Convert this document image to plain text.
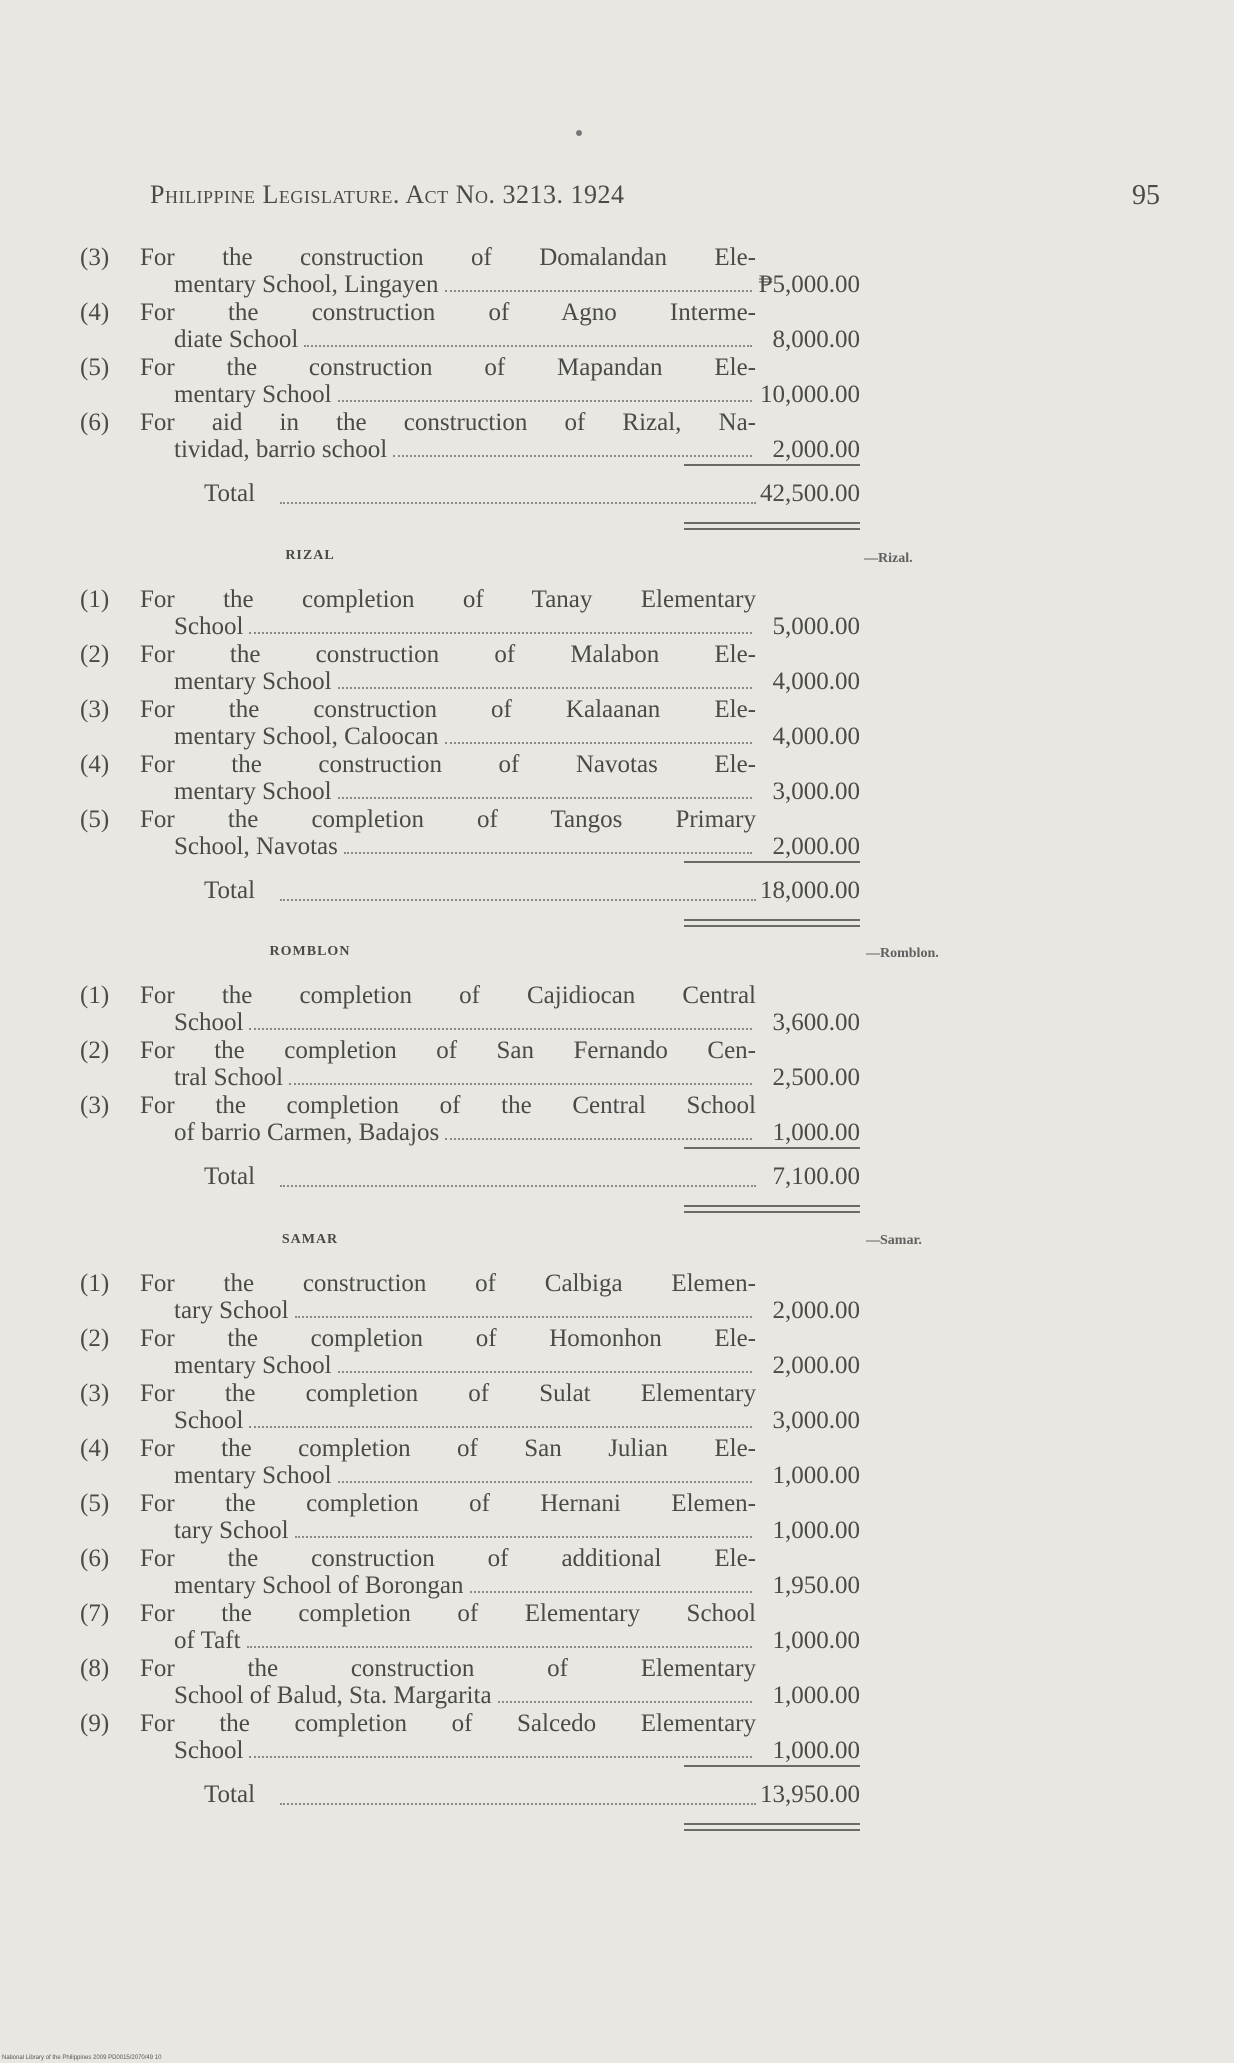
Philippine Legislature. Act No. 3213. 1924	95
(3) For the construction of Domalandan Ele-
mentary School, Lingayen	₱5,000.00
(4) For the construction of Agno Interme-
diate School	8,000.00
(5) For the construction of Mapandan Ele-
mentary School	10,000.00
(6) For aid in the construction of Rizal, Na-
tividad, barrio school	2,000.00
Total	42,500.00
RIZAL
(1) For the completion of Tanay Elementary
School	5,000.00
(2) For the construction of Malabon Ele-
mentary School	4,000.00
(3) For the construction of Kalaanan Ele-
mentary School, Caloocan	4,000.00
(4) For the construction of Navotas Ele-
mentary School	3,000.00
(5) For the completion of Tangos Primary
School, Navotas	2,000.00
Total	18,000.00
—Rizal.
ROMBLON
(1) For the completion of Cajidiocan Central
School	3,600.00
(2) For the completion of San Fernando Cen-
tral School	2,500.00
(3) For the completion of the Central School
of barrio Carmen, Badajos	1,000.00
Total	7,100.00
—Romblon.
SAMAR
(1) For the construction of Calbiga Elemen-
tary School	2,000.00
(2) For the completion of Homonhon Ele-
mentary School	2,000.00
(3) For the completion of Sulat Elementary
School	3,000.00
(4) For the completion of San Julian Ele-
mentary School	1,000.00
(5) For the completion of Hernani Elemen-
tary School	1,000.00
(6) For the construction of additional Ele-
mentary School of Borongan	1,950.00
(7) For the completion of Elementary School
of Taft	1,000.00
(8) For the construction of Elementary
School of Balud, Sta. Margarita	1,000.00
(9) For the completion of Salcedo Elementary
School	1,000.00
Total	13,950.00
—Samar.
National Library of the Philippines 2009 PD0015/2070/49 10
